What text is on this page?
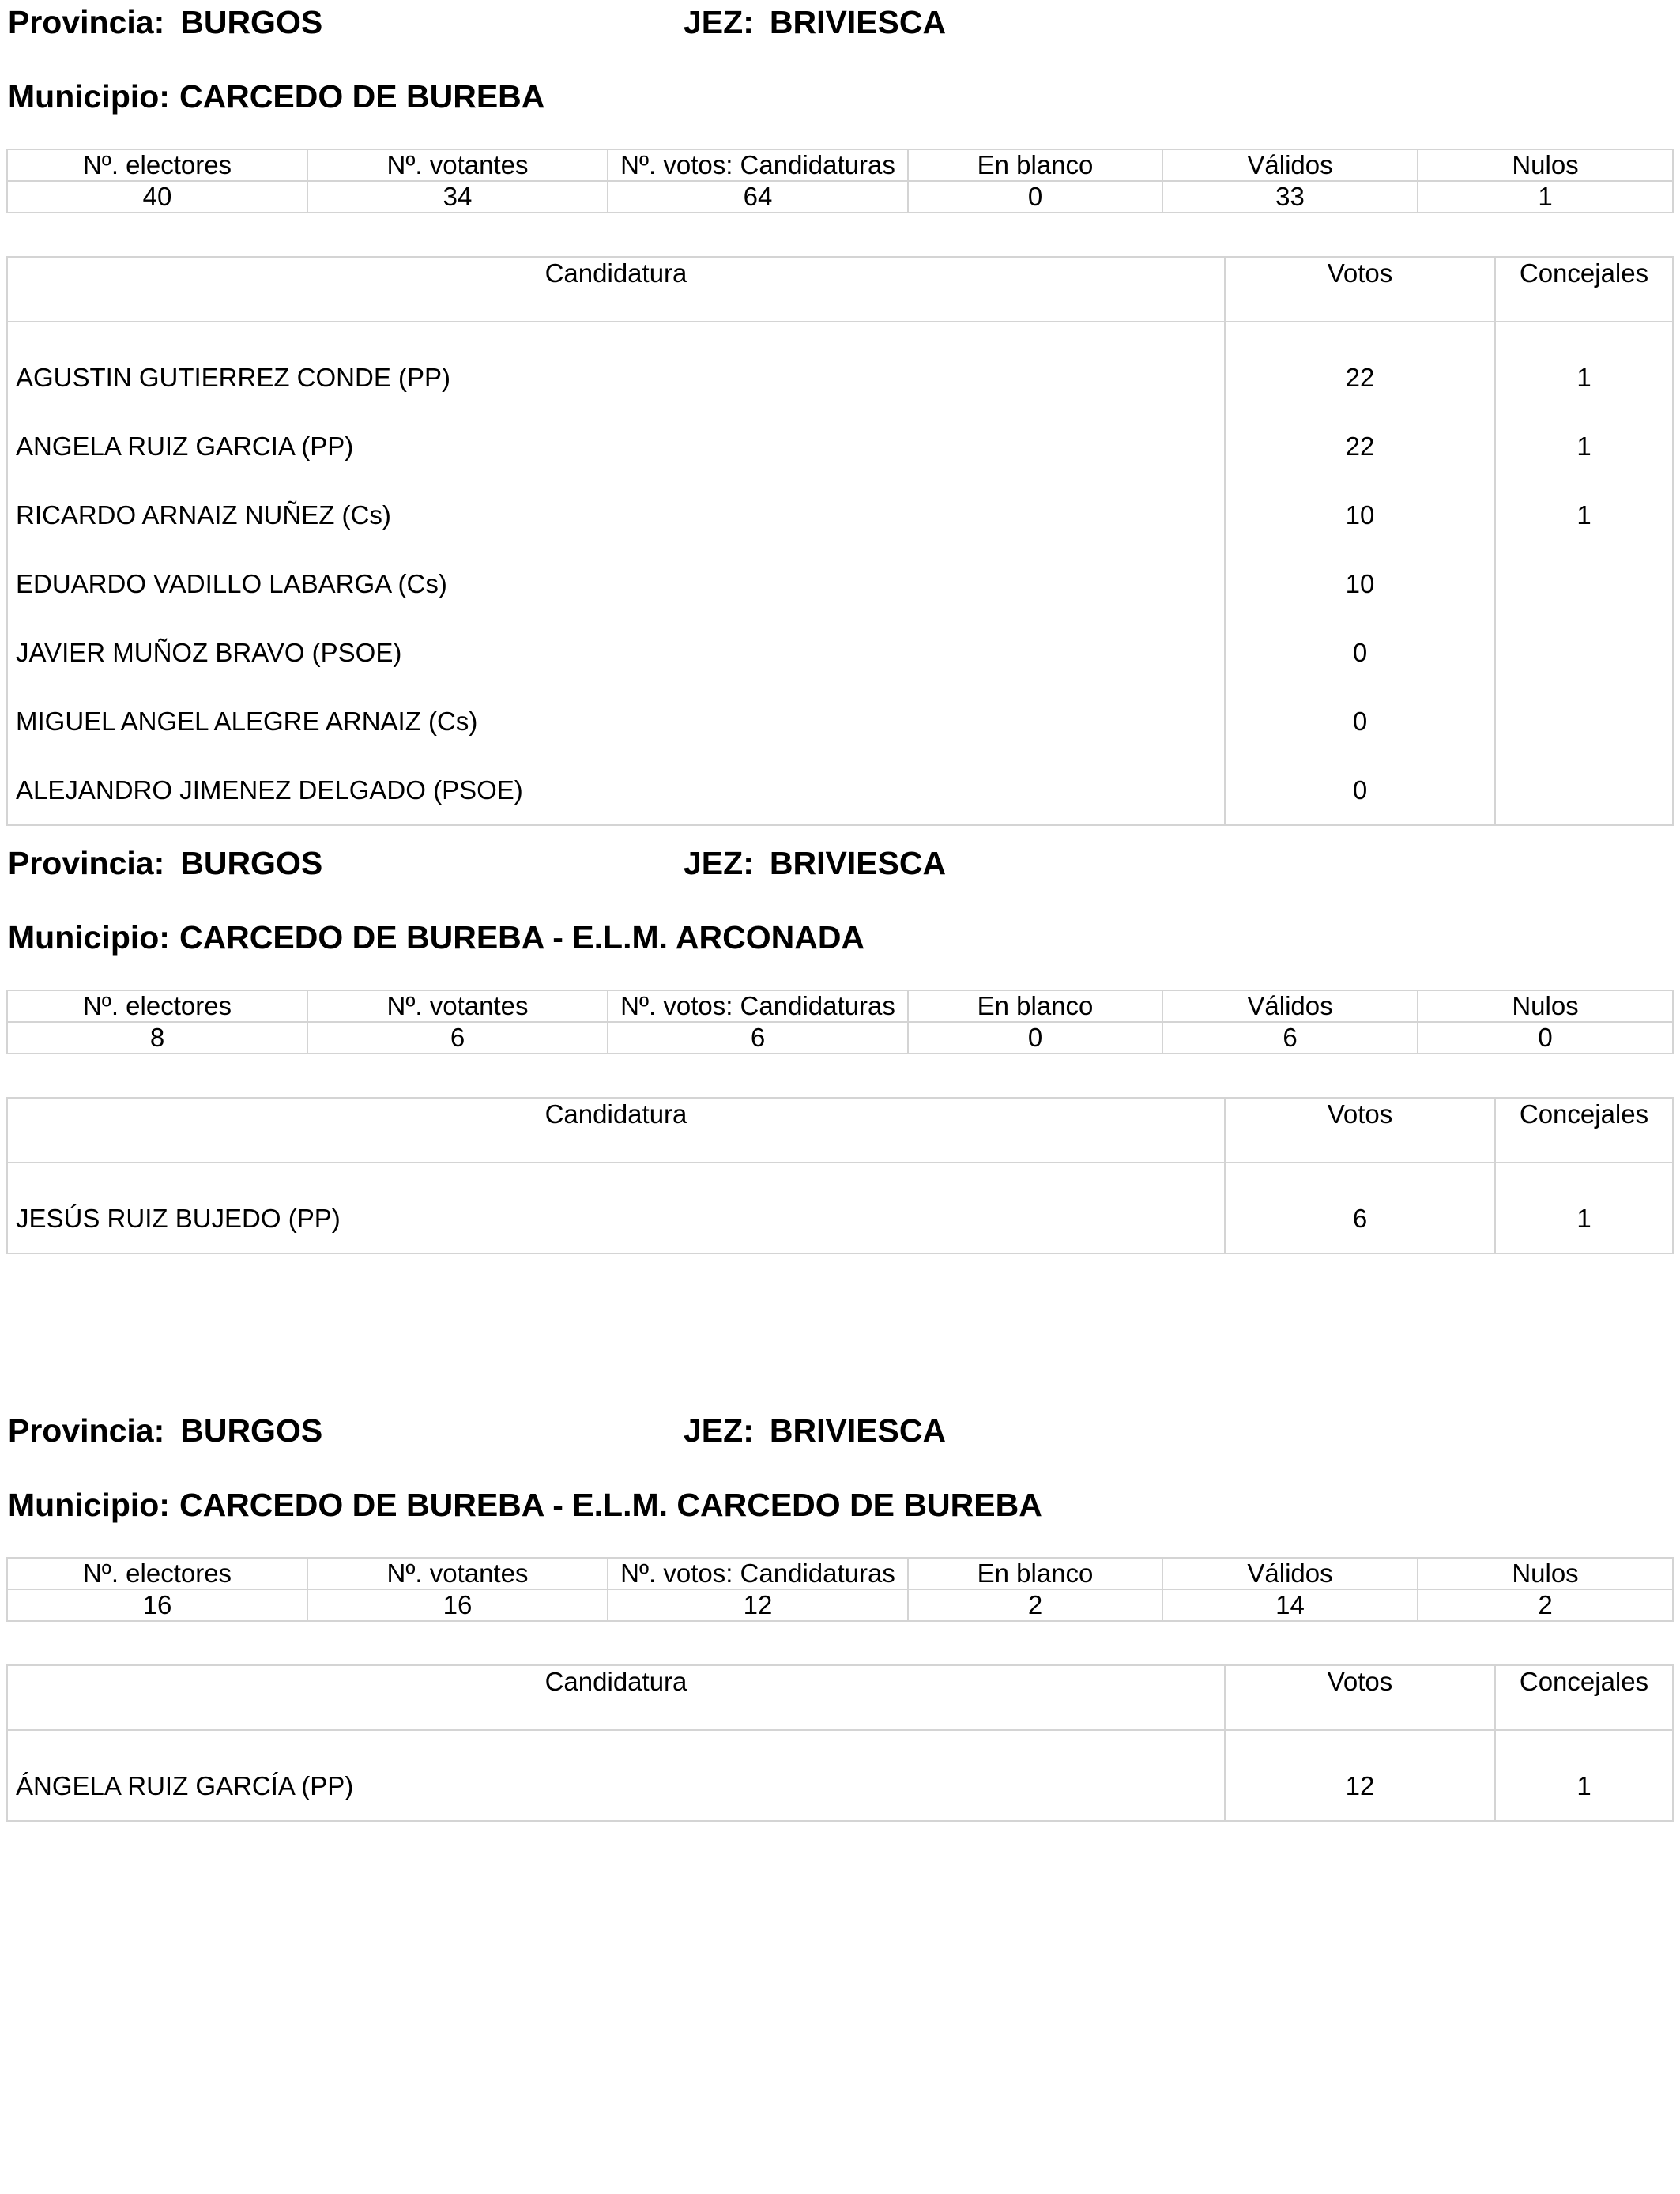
Provincia: BURGOS	JEZ: BRIVIESCA
Municipio: CARCEDO DE BUREBA
Nº. electores	Nº. votantes	Nº. votos: Candidaturas	En blanco	Válidos	Nulos
40	34	64	0	33	1
Candidatura	Votos	Concejales
AGUSTIN GUTIERREZ CONDE (PP)	22	1
ANGELA RUIZ GARCIA (PP)	22	1
RICARDO ARNAIZ NUÑEZ (Cs)	10	1
EDUARDO VADILLO LABARGA (Cs)	10	
JAVIER MUÑOZ BRAVO (PSOE)	0	
MIGUEL ANGEL ALEGRE ARNAIZ (Cs)	0	
ALEJANDRO JIMENEZ DELGADO (PSOE)	0	
Provincia: BURGOS	JEZ: BRIVIESCA
Municipio: CARCEDO DE BUREBA - E.L.M. ARCONADA
Nº. electores	Nº. votantes	Nº. votos: Candidaturas	En blanco	Válidos	Nulos
8	6	6	0	6	0
Candidatura	Votos	Concejales
JESÚS RUIZ BUJEDO (PP)	6	1
Provincia: BURGOS	JEZ: BRIVIESCA
Municipio: CARCEDO DE BUREBA - E.L.M. CARCEDO DE BUREBA
Nº. electores	Nº. votantes	Nº. votos: Candidaturas	En blanco	Válidos	Nulos
16	16	12	2	14	2
Candidatura	Votos	Concejales
ÁNGELA RUIZ GARCÍA (PP)	12	1
